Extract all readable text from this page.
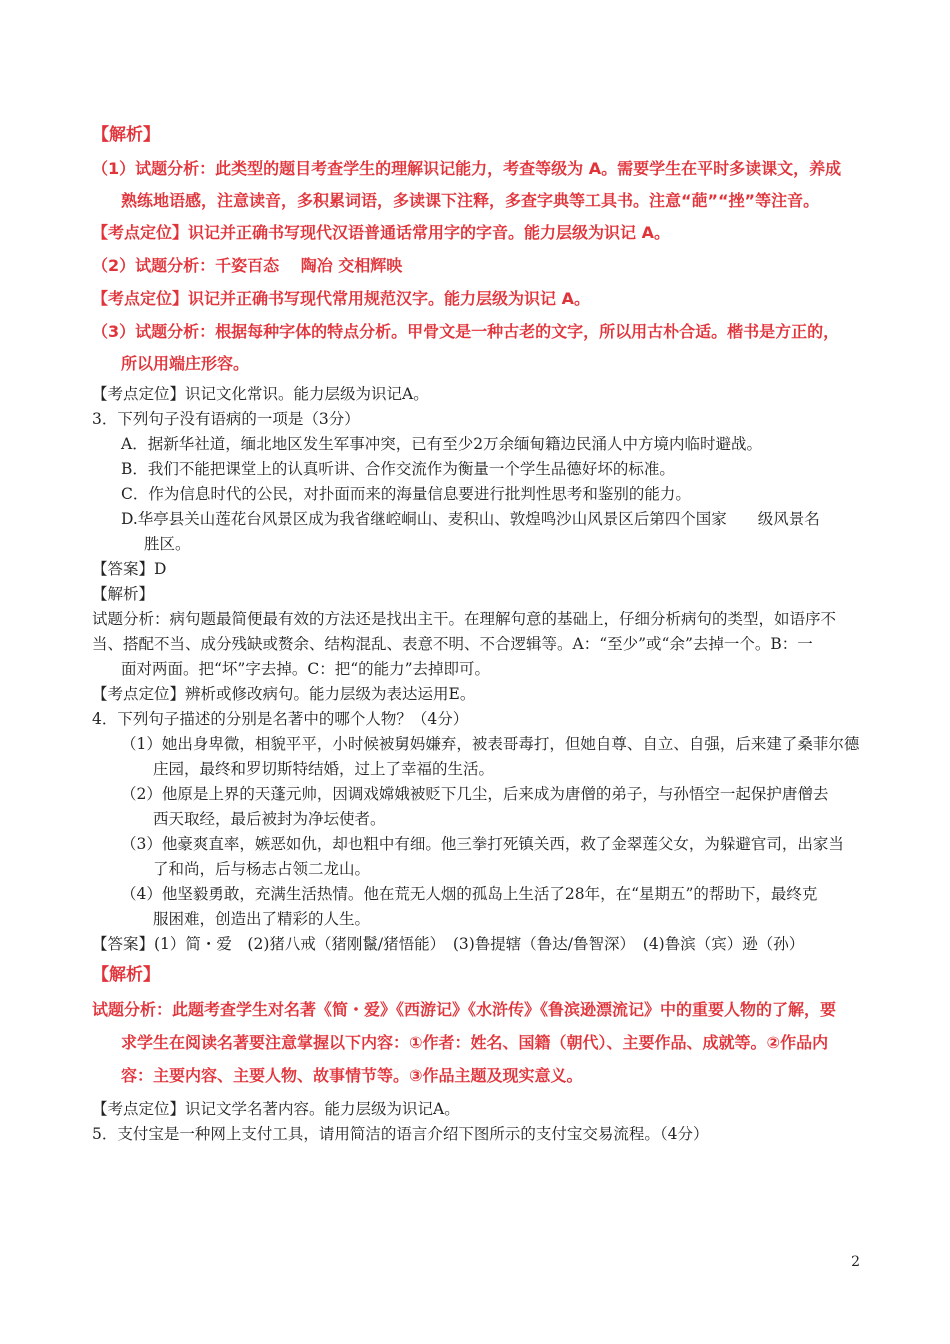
【解析】
（1）试题分析：此类型的题目考查学生的理解识记能力，考查等级为 A。需要学生在平时多读课文，养成
熟练地语感，注意读音，多积累词语，多读课下注释，多查字典等工具书。注意“葩”“挫”等注音。
【考点定位】识记并正确书写现代汉语普通话常用字的字音。能力层级为识记 A。
（2）试题分析：千姿百态　 陶冶 交相辉映
【考点定位】识记并正确书写现代常用规范汉字。能力层级为识记 A。
（3）试题分析：根据每种字体的特点分析。甲骨文是一种古老的文字，所以用古朴合适。楷书是方正的，
所以用端庄形容。
【考点定位】识记文化常识。能力层级为识记A。
3．下列句子没有语病的一项是（3分）
A．据新华社道，缅北地区发生军事冲突，已有至少2万余缅甸籍边民涌人中方境内临时避战。
B．我们不能把课堂上的认真听讲、合作交流作为衡量一个学生品德好坏的标准。
C．作为信息时代的公民，对扑面而来的海量信息要进行批判性思考和鉴别的能力。
D.华亭县关山莲花台风景区成为我省继崆峒山、麦积山、敦煌鸣沙山风景区后第四个国家　　级风景名
胜区。
【答案】D
【解析】
试题分析：病句题最简便最有效的方法还是找出主干。在理解句意的基础上，仔细分析病句的类型，如语序不
当、搭配不当、成分残缺或赘余、结构混乱、表意不明、不合逻辑等。A：“至少”或“余”去掉一个。B：一
面对两面。把“坏”字去掉。C：把“的能力”去掉即可。
【考点定位】辨析或修改病句。能力层级为表达运用E。
4．下列句子描述的分别是名著中的哪个人物？（4分）
（1）她出身卑微，相貌平平，小时候被舅妈嫌弃，被表哥毒打，但她自尊、自立、自强，后来建了桑菲尔德
庄园，最终和罗切斯特结婚，过上了幸福的生活。
（2）他原是上界的天蓬元帅，因调戏嫦娥被贬下几尘，后来成为唐僧的弟子，与孙悟空一起保护唐僧去
西天取经，最后被封为净坛使者。
（3）他豪爽直率，嫉恶如仇，却也粗中有细。他三拳打死镇关西，救了金翠莲父女，为躲避官司，出家当
了和尚，后与杨志占领二龙山。
（4）他坚毅勇敢，充满生活热情。他在荒无人烟的孤岛上生活了28年，在“星期五”的帮助下，最终克
服困难，创造出了精彩的人生。
【答案】(1）简・爱　(2)猪八戒（猪刚鬣/猪悟能）　(3)鲁提辖（鲁达/鲁智深）　(4)鲁滨（宾）逊（孙）
【解析】
试题分析：此题考查学生对名著《简・爱》《西游记》《水浒传》《鲁滨逊漂流记》中的重要人物的了解，要
求学生在阅读名著要注意掌握以下内容：①作者：姓名、国籍（朝代）、主要作品、成就等。②作品内
容：主要内容、主要人物、故事情节等。③作品主题及现实意义。
【考点定位】识记文学名著内容。能力层级为识记A。
5．支付宝是一种网上支付工具，请用简洁的语言介绍下图所示的支付宝交易流程。（4分）
2
